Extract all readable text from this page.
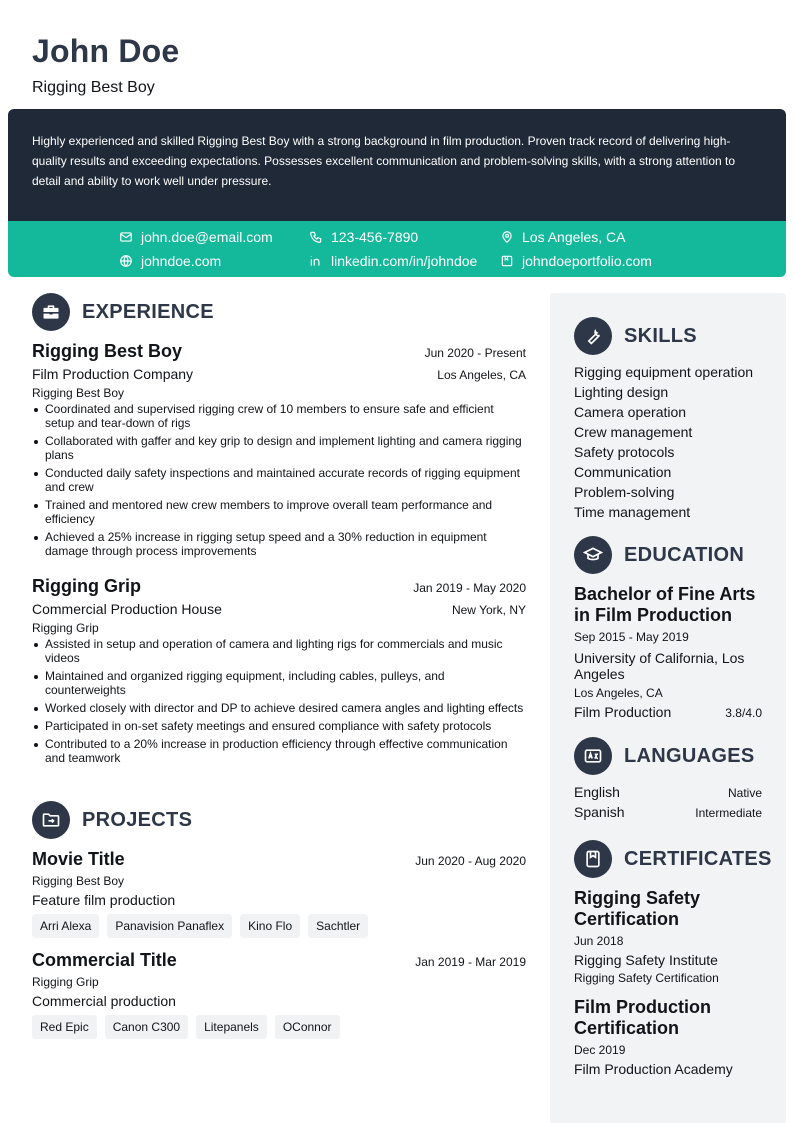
John Doe
Rigging Best Boy
Highly experienced and skilled Rigging Best Boy with a strong background in film production. Proven track record of delivering high-quality results and exceeding expectations. Possesses excellent communication and problem-solving skills, with a strong attention to detail and ability to work well under pressure.
john.doe@email.com	123-456-7890	Los Angeles, CA
johndoe.com	linkedin.com/in/johndoe	johndoeportfolio.com
EXPERIENCE
Rigging Best Boy	Jun 2020 - Present
Film Production Company	Los Angeles, CA
Rigging Best Boy
Coordinated and supervised rigging crew of 10 members to ensure safe and efficient setup and tear-down of rigs
Collaborated with gaffer and key grip to design and implement lighting and camera rigging plans
Conducted daily safety inspections and maintained accurate records of rigging equipment and crew
Trained and mentored new crew members to improve overall team performance and efficiency
Achieved a 25% increase in rigging setup speed and a 30% reduction in equipment damage through process improvements
Rigging Grip	Jan 2019 - May 2020
Commercial Production House	New York, NY
Rigging Grip
Assisted in setup and operation of camera and lighting rigs for commercials and music videos
Maintained and organized rigging equipment, including cables, pulleys, and counterweights
Worked closely with director and DP to achieve desired camera angles and lighting effects
Participated in on-set safety meetings and ensured compliance with safety protocols
Contributed to a 20% increase in production efficiency through effective communication and teamwork
PROJECTS
Movie Title	Jun 2020 - Aug 2020
Rigging Best Boy
Feature film production
Arri Alexa	Panavision Panaflex	Kino Flo	Sachtler
Commercial Title	Jan 2019 - Mar 2019
Rigging Grip
Commercial production
Red Epic	Canon C300	Litepanels	OConnor
SKILLS
Rigging equipment operation
Lighting design
Camera operation
Crew management
Safety protocols
Communication
Problem-solving
Time management
EDUCATION
Bachelor of Fine Arts in Film Production
Sep 2015 - May 2019
University of California, Los Angeles
Los Angeles, CA
Film Production	3.8/4.0
LANGUAGES
English	Native
Spanish	Intermediate
CERTIFICATES
Rigging Safety Certification
Jun 2018
Rigging Safety Institute
Rigging Safety Certification
Film Production Certification
Dec 2019
Film Production Academy
